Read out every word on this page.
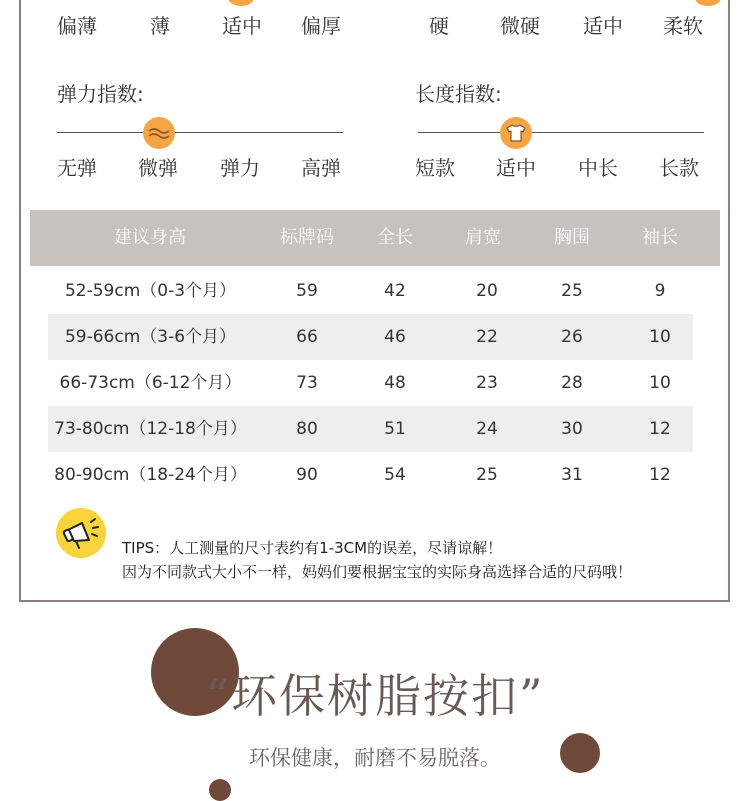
偏薄	薄	适中 偏厚	硬	微硬 适中 柔软
弹力指数:
无弹 微弹 弹力 高弹
长度指数:
短款 适中 中长 长款
建议身高	标牌码	全长	肩宽	胸围	袖长
52-59cm（0-3个月）	59	42	20	25	9
59-66cm（3-6个月）	66	46	22	26	10
66-73cm（6-12个月）	73	48	23	28	10
73-80cm（12-18个月）	80	51	24	30	12
80-90cm（18-24个月）	90	54	25	31	12
TIPS：人工测量的尺寸表约有1-3CM的误差，尽请谅解！
因为不同款式大小不一样，妈妈们要根据宝宝的实际身高选择合适的尺码哦！
“环保树脂按扣”
环保健康，耐磨不易脱落。
